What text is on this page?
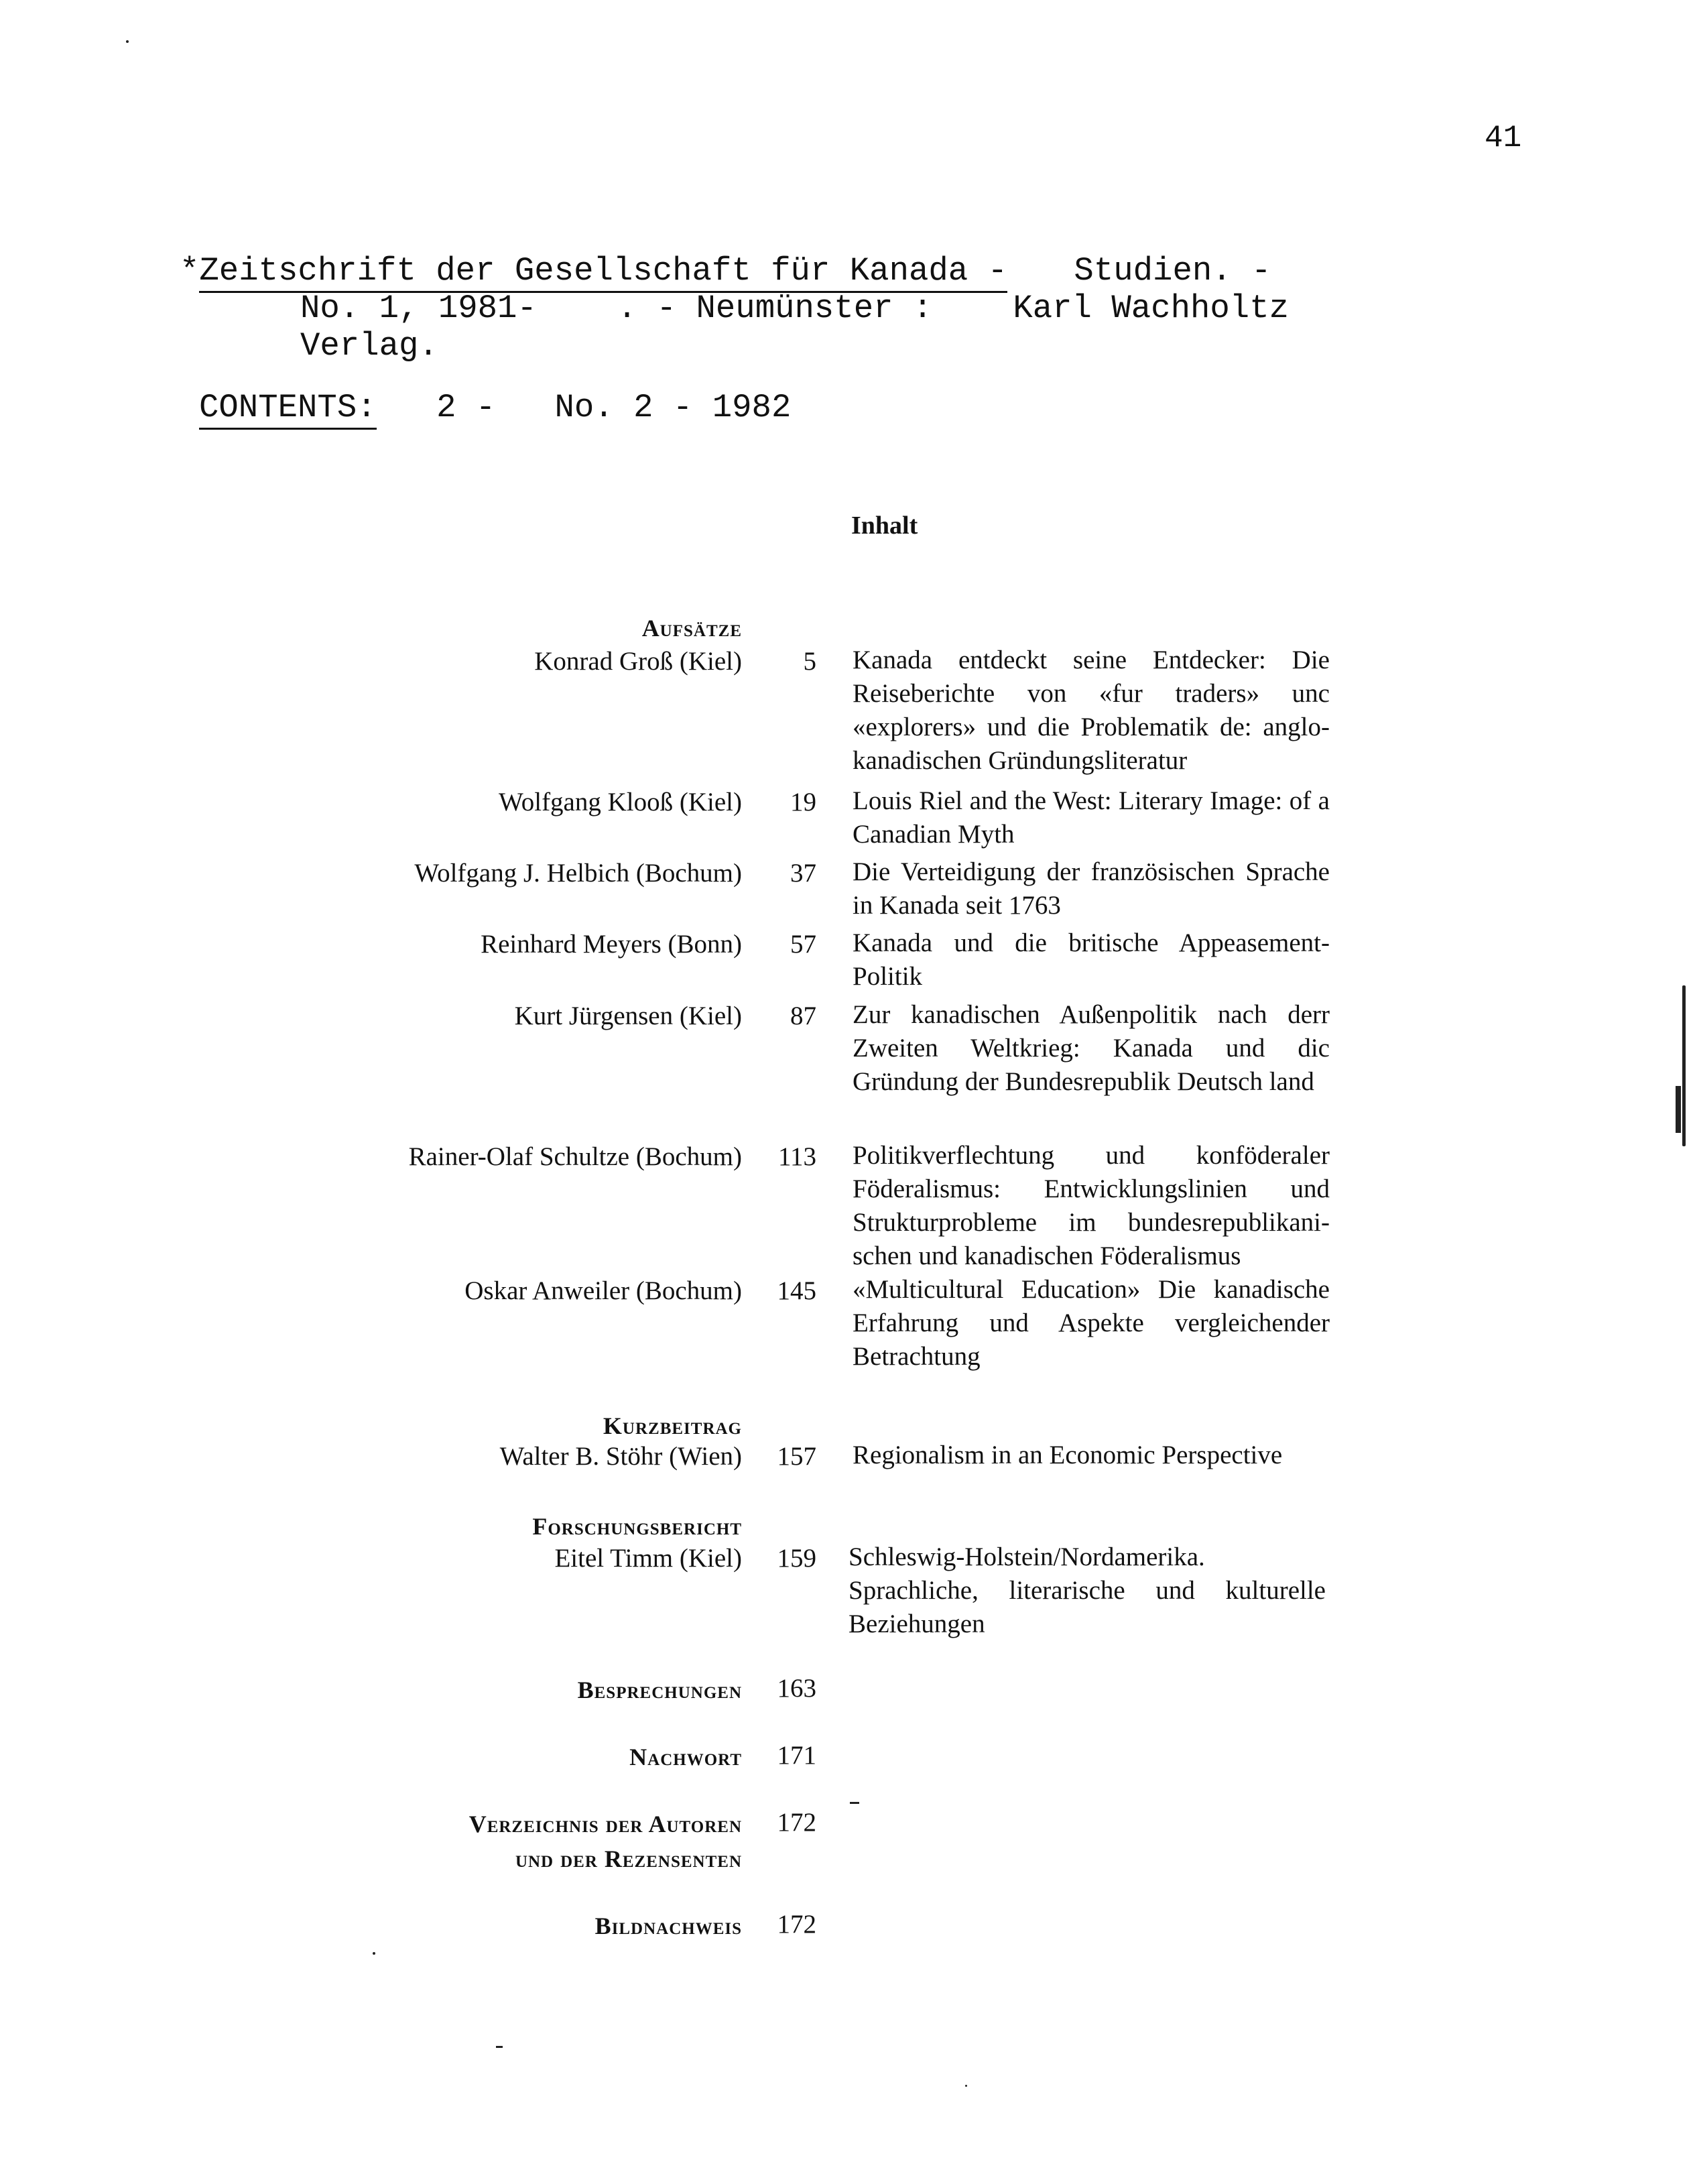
41
*Zeitschrift der Gesellschaft für Kanada - Studien. -
No. 1, 1981- . - Neumünster : Karl Wachholtz
Verlag.
CONTENTS: 2 -   No. 2 - 1982
Inhalt
Aufsätze
Konrad Groß (Kiel)
Wolfgang Klooß (Kiel)
Wolfgang J. Helbich (Bochum)
Reinhard Meyers (Bonn)
Kurt Jürgensen (Kiel)
Rainer-Olaf Schultze (Bochum)
Oskar Anweiler (Bochum)
Kurzbeitrag
Walter B. Stöhr (Wien)
Forschungsbericht
Eitel Timm (Kiel)
Besprechungen
Nachwort
Verzeichnis der Autoren
und der Rezensenten
Bildnachweis
5
19
37
57
87
113
145
157
159
163
171
172
172
Kanada entdeckt seine Entdecker: Die Reiseberichte von «fur traders» unc «explorers» und die Problematik de: anglo-kanadischen Gründungsliteratur
Louis Riel and the West: Literary Image: of a Canadian Myth
Die Verteidigung der französischen Sprache in Kanada seit 1763
Kanada und die britische Appeasement-Politik
Zur kanadischen Außenpolitik nach derr Zweiten Weltkrieg: Kanada und dic Gründung der Bundesrepublik Deutsch land
Politikverflechtung und konföderaler Föderalismus: Entwicklungslinien und Strukturprobleme im bundesrepublikani- schen und kanadischen Föderalismus
«Multicultural Education» Die kanadische Erfahrung und Aspekte vergleichender Betrachtung
Regionalism in an Economic Perspective
Schleswig-Holstein/Nordamerika. Sprachliche, literarische und kulturelle Beziehungen
